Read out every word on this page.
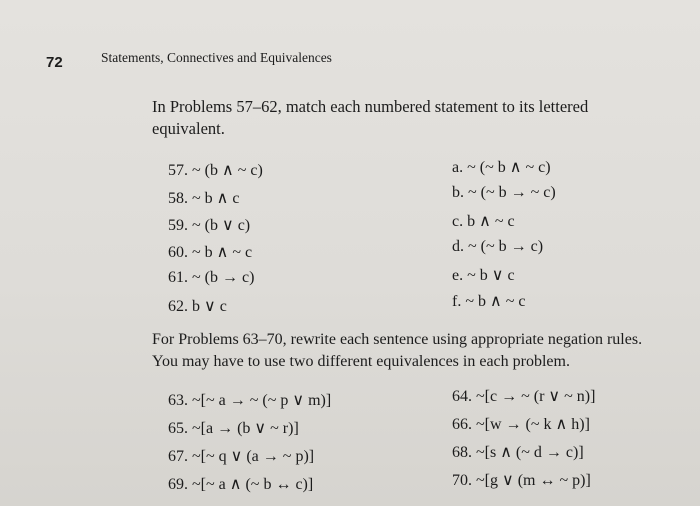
72	Statements, Connectives and Equivalences
In Problems 57–62, match each numbered statement to its lettered equivalent.
57. ~ (b ∧ ~ c)
58. ~ b ∧ c
59. ~ (b ∨ c)
60. ~ b ∧ ~ c
61. ~ (b → c)
62. b ∨ c
a. ~ (~ b ∧ ~ c)
b. ~ (~ b → ~ c)
c. b ∧ ~ c
d. ~ (~ b → c)
e. ~ b ∨ c
f. ~ b ∧ ~ c
For Problems 63–70, rewrite each sentence using appropriate negation rules. You may have to use two different equivalences in each problem.
63. ~[~ a → ~ (~ p ∨ m)]
65. ~[a → (b ∨ ~ r)]
67. ~[~ q ∨ (a → ~ p)]
69. ~[~ a ∧ (~ b ↔ c)]
64. ~[c → ~ (r ∨ ~ n)]
66. ~[w → (~ k ∧ h)]
68. ~[s ∧ (~ d → c)]
70. ~[g ∨ (m ↔ ~ p)]
